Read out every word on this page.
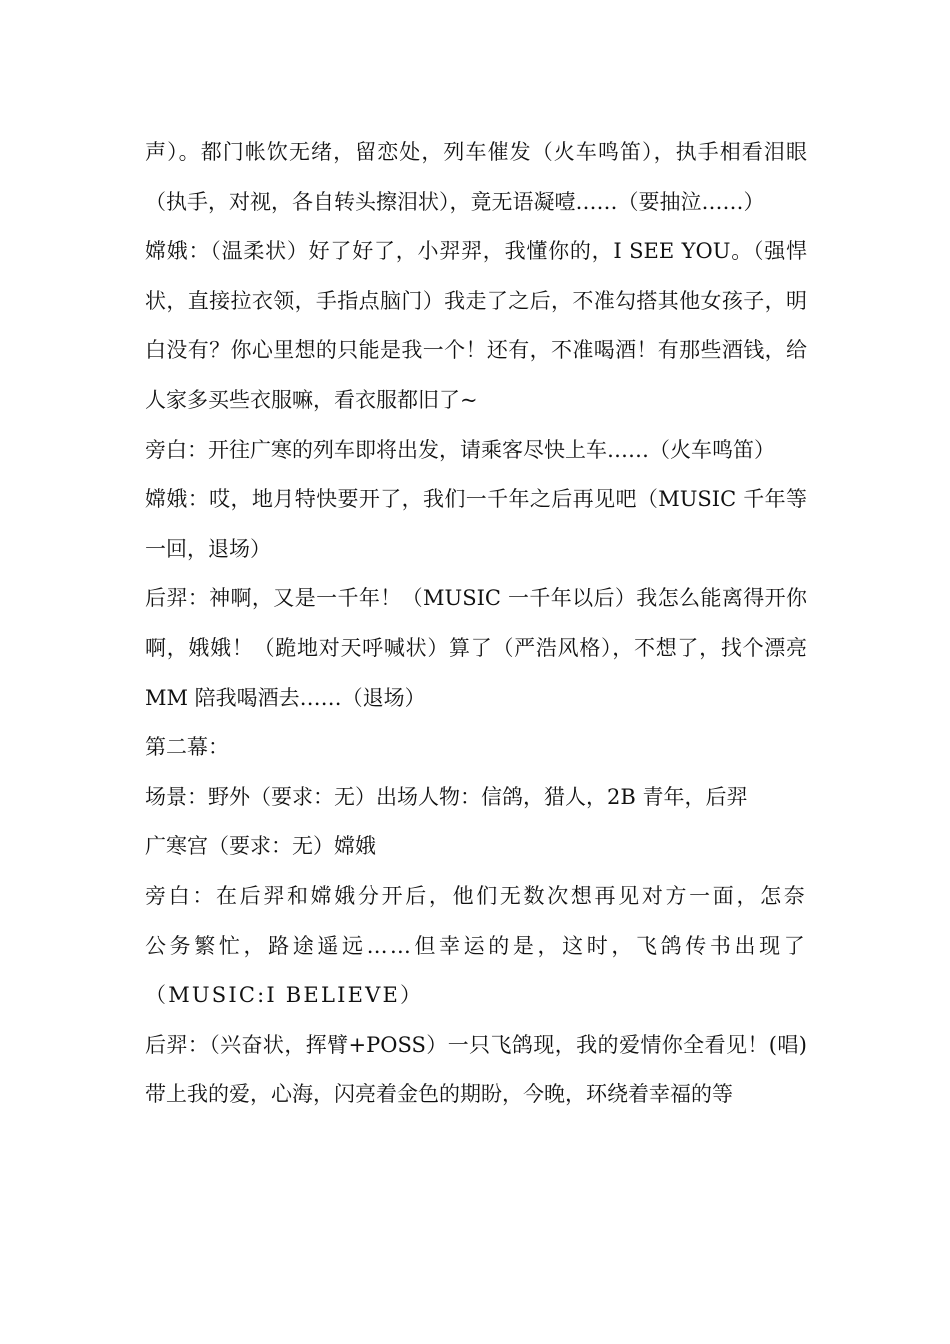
声）。都门帐饮无绪，留恋处，列车催发（火车鸣笛），执手相看泪眼（执手，对视，各自转头擦泪状），竟无语凝噎……（要抽泣……）

嫦娥：（温柔状）好了好了，小羿羿，我懂你的，I SEE YOU。（强悍状，直接拉衣领，手指点脑门）我走了之后，不准勾搭其他女孩子，明白没有？你心里想的只能是我一个！还有，不准喝酒！有那些酒钱，给人家多买些衣服嘛，看衣服都旧了~

旁白：开往广寒的列车即将出发，请乘客尽快上车……（火车鸣笛）

嫦娥：哎，地月特快要开了，我们一千年之后再见吧（MUSIC 千年等一回，退场）

后羿：神啊，又是一千年！（MUSIC 一千年以后）我怎么能离得开你啊，娥娥！（跪地对天呼喊状）算了（严浩风格），不想了，找个漂亮 MM 陪我喝酒去……（退场）

第二幕：

场景：野外（要求：无）出场人物：信鸽，猎人，2B 青年，后羿

广寒宫（要求：无）嫦娥

旁白：在后羿和嫦娥分开后，他们无数次想再见对方一面，怎奈公务繁忙，路途遥远……但幸运的是，这时，飞鸽传书出现了（MUSIC:I BELIEVE）

后羿：（兴奋状，挥臂+POSS）一只飞鸽现，我的爱情你全看见！(唱)带上我的爱，心海，闪亮着金色的期盼，今晚，环绕着幸福的等
